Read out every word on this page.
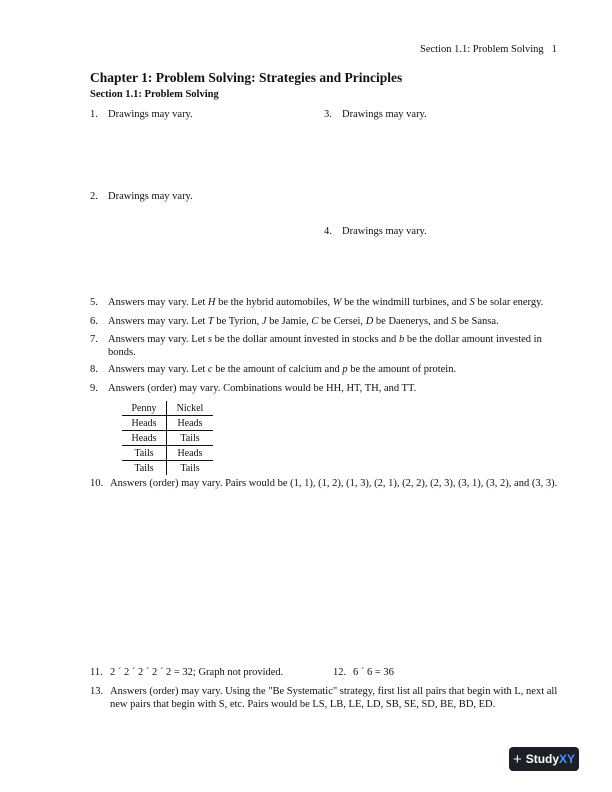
Section 1.1: Problem Solving 1
Chapter 1: Problem Solving: Strategies and Principles
Section 1.1: Problem Solving
1. Drawings may vary.	3. Drawings may vary.
2. Drawings may vary.
4. Drawings may vary.
5. Answers may vary. Let H be the hybrid automobiles, W be the windmill turbines, and S be solar energy.
6. Answers may vary. Let T be Tyrion, J be Jamie, C be Cersei, D be Daenerys, and S be Sansa.
7. Answers may vary. Let s be the dollar amount invested in stocks and b be the dollar amount invested in bonds.
8. Answers may vary. Let c be the amount of calcium and p be the amount of protein.
9. Answers (order) may vary. Combinations would be HH, HT, TH, and TT.
Penny	Nickel
Heads	Heads
Heads	Tails
Tails	Heads
Tails	Tails
10. Answers (order) may vary. Pairs would be (1, 1), (1, 2), (1, 3), (2, 1), (2, 2), (2, 3), (3, 1), (3, 2), and (3, 3).
11. 2 ´ 2 ´ 2 ´ 2 ´ 2 = 32; Graph not provided.	12. 6 ´ 6 = 36
13. Answers (order) may vary. Using the "Be Systematic" strategy, first list all pairs that begin with L, next all new pairs that begin with S, etc. Pairs would be LS, LB, LE, LD, SB, SE, SD, BE, BD, ED.
+ Study XY
